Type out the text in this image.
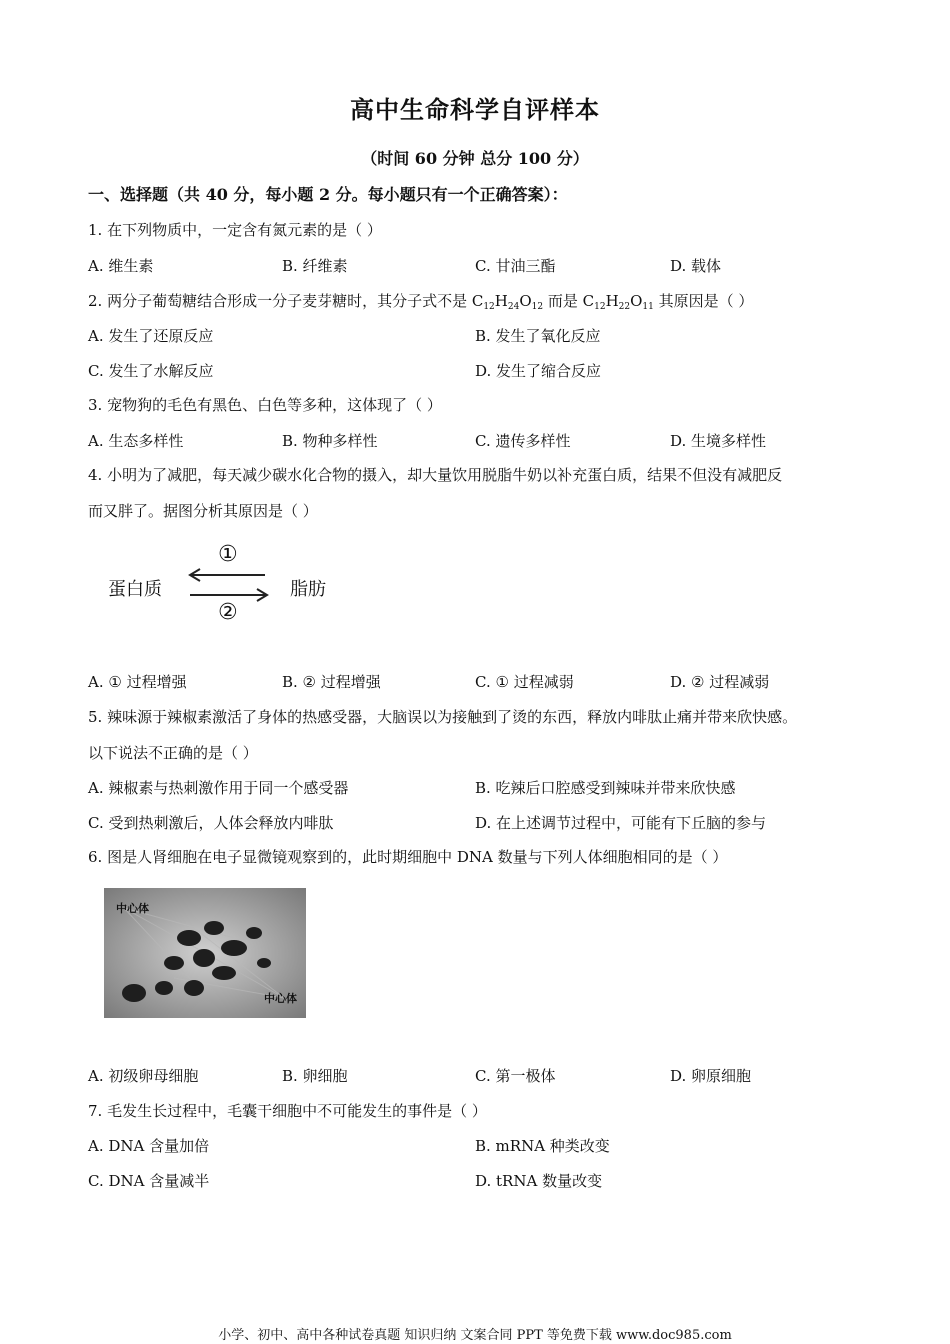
高中生命科学自评样本
（时间 60 分钟 总分 100 分）
一、选择题（共 40 分，每小题 2 分。每小题只有一个正确答案）：
1. 在下列物质中，一定含有氮元素的是（ ）
A. 维生素	B. 纤维素	C. 甘油三酯	D. 载体
2. 两分子葡萄糖结合形成一分子麦芽糖时，其分子式不是 $C_{12}H_{24}O_{12}$ 而是 $C_{12}H_{22}O_{11}$ 其原因是（ ）
A. 发生了还原反应	B. 发生了氧化反应
C. 发生了水解反应	D. 发生了缩合反应
3. 宠物狗的毛色有黑色、白色等多种，这体现了（ ）
A. 生态多样性	B. 物种多样性	C. 遗传多样性	D. 生境多样性
4. 小明为了减肥，每天减少碳水化合物的摄入，却大量饮用脱脂牛奶以补充蛋白质，结果不但没有减肥反
而又胖了。据图分析其原因是（ ）
蛋白质	脂肪
①
②
A. ① 过程增强	B. ② 过程增强	C. ① 过程减弱	D. ② 过程减弱
5. 辣味源于辣椒素激活了身体的热感受器，大脑误以为接触到了烫的东西，释放内啡肽止痛并带来欣快感。
以下说法不正确的是（ ）
A. 辣椒素与热刺激作用于同一个感受器	B. 吃辣后口腔感受到辣味并带来欣快感
C. 受到热刺激后，人体会释放内啡肽	D. 在上述调节过程中，可能有下丘脑的参与
6. 图是人肾细胞在电子显微镜观察到的，此时期细胞中 DNA 数量与下列人体细胞相同的是（ ）
中心体
中心体
A. 初级卵母细胞	B. 卵细胞	C. 第一极体	D. 卵原细胞
7. 毛发生长过程中，毛囊干细胞中不可能发生的事件是（ ）
A. DNA 含量加倍	B. mRNA 种类改变
C. DNA 含量减半	D. tRNA 数量改变
小学、初中、高中各种试卷真题 知识归纳 文案合同 PPT 等免费下载 www.doc985.com
